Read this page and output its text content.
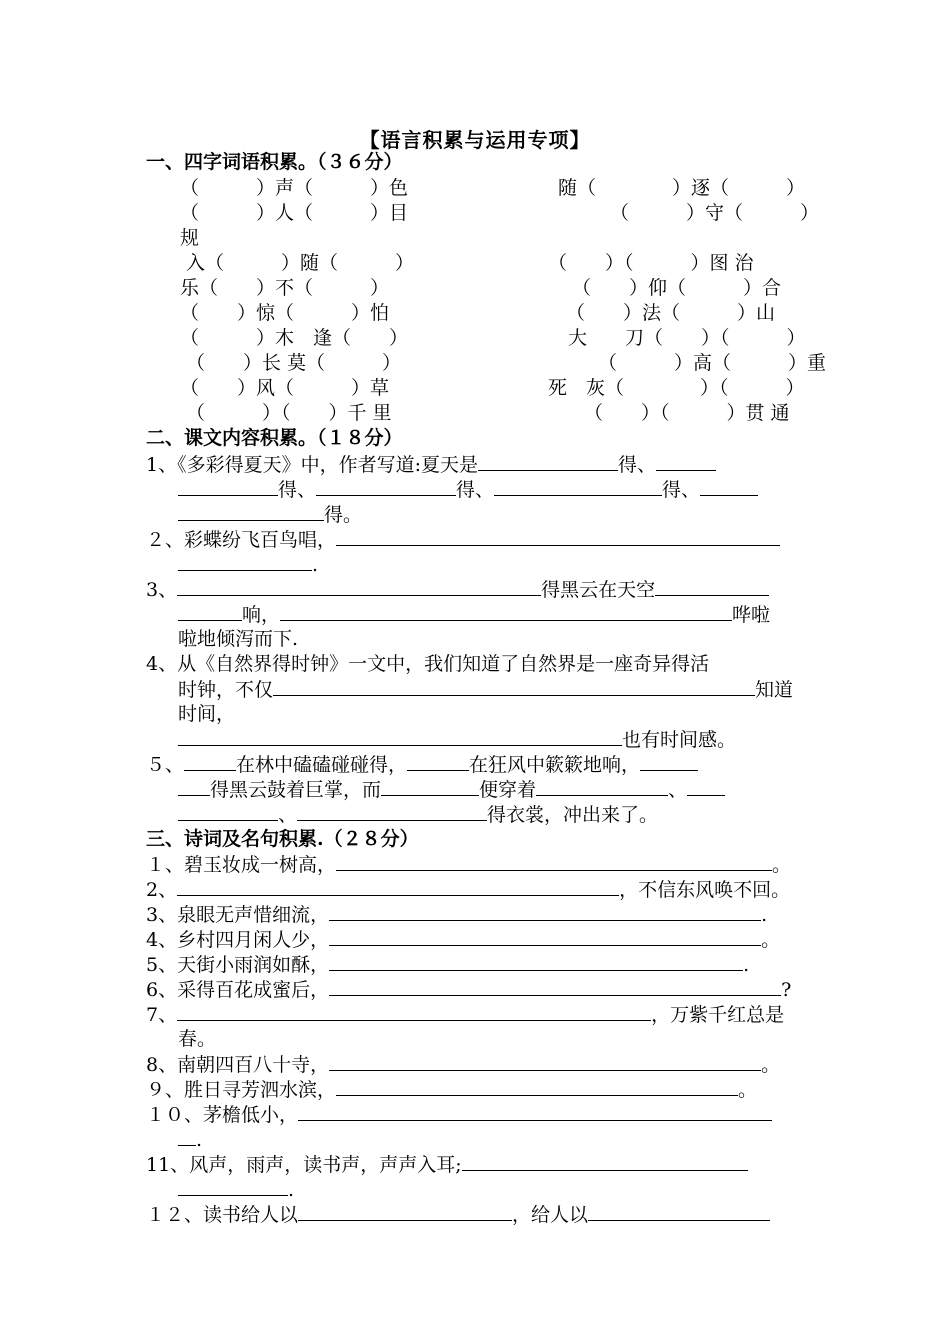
【语言积累与运用专项】
一、四字词语积累。（３６分）
（　　　）声（　　　）色	随（　　　　）逐（　　　）
（　　　）人（　　　）目	（　　　）守（　　　）
规
入（　　　）随（　　　）	（　　）（　　　）图 治
乐（　　）不（　　　）	（　　）仰（　　　）合
（　　）惊（　　　）怕	（　　）法（　　　）山
（　　　）木　逢（　　）	大　　刀（　　）（　　　）
（　　）长 莫（　　　）	（　　　）高（　　　）重
（　　）风（　　　）草	死　灰（　　　　）（　　　）
（　　　）（　　）千 里	（　　）（　　　）贯 通
二、课文内容积累。（１８分）
1、《多彩得夏天》中，作者写道:夏天是	得、
得、	得、	得、
得。
２、彩蝶纷飞百鸟唱，
.
3、	得黑云在天空
响，	哗啦
啦地倾泻而下.
4、从《自然界得时钟》一文中，我们知道了自然界是一座奇异得活
时钟，不仅	知道
时间，
也有时间感。
５、	在林中磕磕碰碰得，	在狂风中簌簌地响，
得黑云鼓着巨掌，而	便穿着	、
、	得衣裳，冲出来了。
三、诗词及名句积累.（２８分）
１、碧玉妆成一树高，	。
2、	，不信东风唤不回。
3、泉眼无声惜细流，	.
4、乡村四月闲人少，	。
5、天街小雨润如酥，	.
6、采得百花成蜜后，	?
7、	，万紫千红总是
春。
8、南朝四百八十寺，	。
９、胜日寻芳泗水滨，	。
１０、茅檐低小，
.
11、风声，雨声，读书声，声声入耳;
.
１２、读书给人以	，给人以
